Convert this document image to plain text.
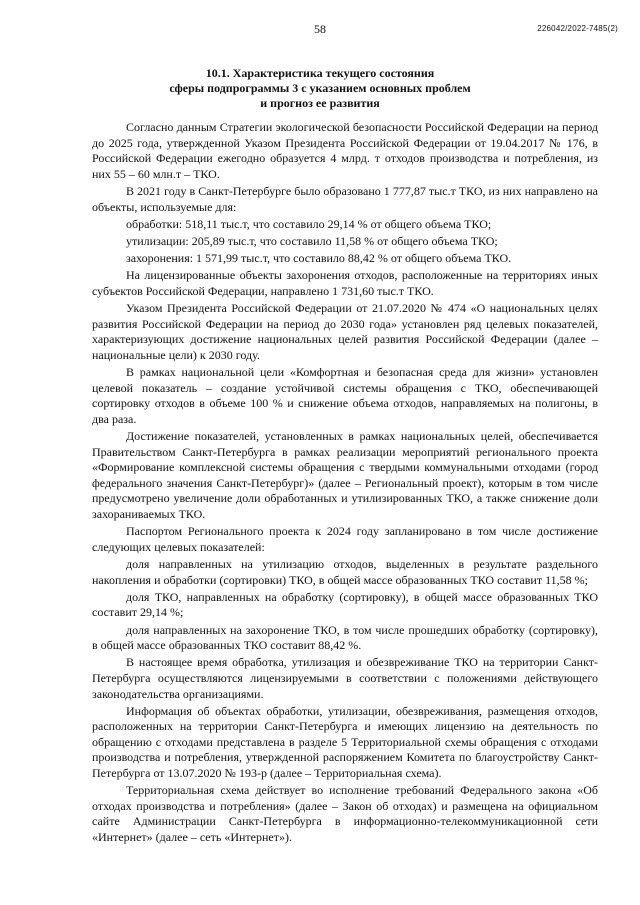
58	226042/2022-7485(2)
10.1. Характеристика текущего состояния
сферы подпрограммы 3 с указанием основных проблем
и прогноз ее развития

Согласно данным Стратегии экологической безопасности Российской Федерации на период до 2025 года, утвержденной Указом Президента Российской Федерации от 19.04.2017 № 176, в Российской Федерации ежегодно образуется 4 млрд. т отходов производства и потребления, из них 55 – 60 млн.т – ТКО.

В 2021 году в Санкт-Петербурге было образовано 1 777,87 тыс.т ТКО, из них направлено на объекты, используемые для:

обработки: 518,11 тыс.т, что составило 29,14 % от общего объема ТКО;

утилизации: 205,89 тыс.т, что составило 11,58 % от общего объема ТКО;

захоронения: 1 571,99 тыс.т, что составило 88,42 % от общего объема ТКО.

На лицензированные объекты захоронения отходов, расположенные на территориях иных субъектов Российской Федерации, направлено 1 731,60 тыс.т ТКО.

Указом Президента Российской Федерации от 21.07.2020 № 474 «О национальных целях развития Российской Федерации на период до 2030 года» установлен ряд целевых показателей, характеризующих достижение национальных целей развития Российской Федерации (далее – национальные цели) к 2030 году.

В рамках национальной цели «Комфортная и безопасная среда для жизни» установлен целевой показатель – создание устойчивой системы обращения с ТКО, обеспечивающей сортировку отходов в объеме 100 % и снижение объема отходов, направляемых на полигоны, в два раза.

Достижение показателей, установленных в рамках национальных целей, обеспечивается Правительством Санкт-Петербурга в рамках реализации мероприятий регионального проекта «Формирование комплексной системы обращения с твердыми коммунальными отходами (город федерального значения Санкт-Петербург)» (далее – Региональный проект), которым в том числе предусмотрено увеличение доли обработанных и утилизированных ТКО, а также снижение доли захораниваемых ТКО.

Паспортом Регионального проекта к 2024 году запланировано в том числе достижение следующих целевых показателей:

доля направленных на утилизацию отходов, выделенных в результате раздельного накопления и обработки (сортировки) ТКО, в общей массе образованных ТКО составит 11,58 %;

доля ТКО, направленных на обработку (сортировку), в общей массе образованных ТКО составит 29,14 %;

доля направленных на захоронение ТКО, в том числе прошедших обработку (сортировку), в общей массе образованных ТКО составит 88,42 %.

В настоящее время обработка, утилизация и обезвреживание ТКО на территории Санкт-Петербурга осуществляются лицензируемыми в соответствии с положениями действующего законодательства организациями.

Информация об объектах обработки, утилизации, обезвреживания, размещения отходов, расположенных на территории Санкт-Петербурга и имеющих лицензию на деятельность по обращению с отходами представлена в разделе 5 Территориальной схемы обращения с отходами производства и потребления, утвержденной распоряжением Комитета по благоустройству Санкт-Петербурга от 13.07.2020 № 193-р (далее – Территориальная схема).

Территориальная схема действует во исполнение требований Федерального закона «Об отходах производства и потребления» (далее – Закон об отходах) и размещена на официальном сайте Администрации Санкт-Петербурга в информационно-телекоммуникационной сети «Интернет» (далее – сеть «Интернет»).
